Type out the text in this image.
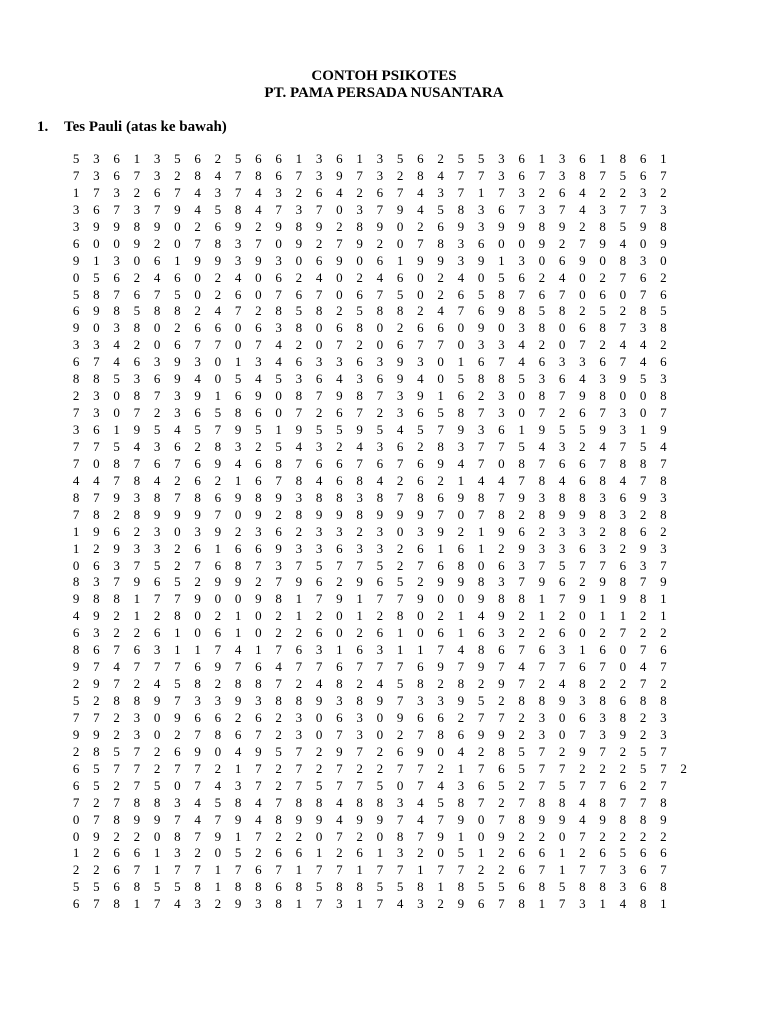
CONTOH PSIKOTES
PT. PAMA PERSADA NUSANTARA
1. Tes Pauli (atas ke bawah)
5	3	6	1	3	5	6	2	5	6	6	1	3	6	1	3	5	6	2	5	5	3	6	1	3	6	1	8	6	1
7	3	6	7	3	2	8	4	7	8	6	7	3	9	7	3	2	8	4	7	7	3	6	7	3	8	7	5	6	7
1	7	3	2	6	7	4	3	7	4	3	2	6	4	2	6	7	4	3	7	1	7	3	2	6	4	2	2	3	2
3	6	7	3	7	9	4	5	8	4	7	3	7	0	3	7	9	4	5	8	3	6	7	3	7	4	3	7	7	3
3	9	9	8	9	0	2	6	9	2	9	8	9	2	8	9	0	2	6	9	3	9	9	8	9	2	8	5	9	8
6	0	0	9	2	0	7	8	3	7	0	9	2	7	9	2	0	7	8	3	6	0	0	9	2	7	9	4	0	9
9	1	3	0	6	1	9	9	3	9	3	0	6	9	0	6	1	9	9	3	9	1	3	0	6	9	0	8	3	0
0	5	6	2	4	6	0	2	4	0	6	2	4	0	2	4	6	0	2	4	0	5	6	2	4	0	2	7	6	2
5	8	7	6	7	5	0	2	6	0	7	6	7	0	6	7	5	0	2	6	5	8	7	6	7	0	6	0	7	6
6	9	8	5	8	8	2	4	7	2	8	5	8	2	5	8	8	2	4	7	6	9	8	5	8	2	5	2	8	5
9	0	3	8	0	2	6	6	0	6	3	8	0	6	8	0	2	6	6	0	9	0	3	8	0	6	8	7	3	8
3	3	4	2	0	6	7	7	0	7	4	2	0	7	2	0	6	7	7	0	3	3	4	2	0	7	2	4	4	2
6	7	4	6	3	9	3	0	1	3	4	6	3	3	6	3	9	3	0	1	6	7	4	6	3	3	6	7	4	6
8	8	5	3	6	9	4	0	5	4	5	3	6	4	3	6	9	4	0	5	8	8	5	3	6	4	3	9	5	3
2	3	0	8	7	3	9	1	6	9	0	8	7	9	8	7	3	9	1	6	2	3	0	8	7	9	8	0	0	8
7	3	0	7	2	3	6	5	8	6	0	7	2	6	7	2	3	6	5	8	7	3	0	7	2	6	7	3	0	7
3	6	1	9	5	4	5	7	9	5	1	9	5	5	9	5	4	5	7	9	3	6	1	9	5	5	9	3	1	9
7	7	5	4	3	6	2	8	3	2	5	4	3	2	4	3	6	2	8	3	7	7	5	4	3	2	4	7	5	4
7	0	8	7	6	7	6	9	4	6	8	7	6	6	7	6	7	6	9	4	7	0	8	7	6	6	7	8	8	7
4	4	7	8	4	2	6	2	1	6	7	8	4	6	8	4	2	6	2	1	4	4	7	8	4	6	8	4	7	8
8	7	9	3	8	7	8	6	9	8	9	3	8	8	3	8	7	8	6	9	8	7	9	3	8	8	3	6	9	3
7	8	2	8	9	9	9	7	0	9	2	8	9	9	8	9	9	9	7	0	7	8	2	8	9	9	8	3	2	8
1	9	6	2	3	0	3	9	2	3	6	2	3	3	2	3	0	3	9	2	1	9	6	2	3	3	2	8	6	2
1	2	9	3	3	2	6	1	6	6	9	3	3	6	3	3	2	6	1	6	1	2	9	3	3	6	3	2	9	3
0	6	3	7	5	2	7	6	8	7	3	7	5	7	7	5	2	7	6	8	0	6	3	7	5	7	7	6	3	7
8	3	7	9	6	5	2	9	9	2	7	9	6	2	9	6	5	2	9	9	8	3	7	9	6	2	9	8	7	9
9	8	8	1	7	7	9	0	0	9	8	1	7	9	1	7	7	9	0	0	9	8	8	1	7	9	1	9	8	1
4	9	2	1	2	8	0	2	1	0	2	1	2	0	1	2	8	0	2	1	4	9	2	1	2	0	1	1	2	1
6	3	2	2	6	1	0	6	1	0	2	2	6	0	2	6	1	0	6	1	6	3	2	2	6	0	2	7	2	2
8	6	7	6	3	1	1	7	4	1	7	6	3	1	6	3	1	1	7	4	8	6	7	6	3	1	6	0	7	6
9	7	4	7	7	7	6	9	7	6	4	7	7	6	7	7	7	6	9	7	9	7	4	7	7	6	7	0	4	7
2	9	7	2	4	5	8	2	8	8	7	2	4	8	2	4	5	8	2	8	2	9	7	2	4	8	2	2	7	2
5	2	8	8	9	7	3	3	9	3	8	8	9	3	8	9	7	3	3	9	5	2	8	8	9	3	8	6	8	8
7	7	2	3	0	9	6	6	2	6	2	3	0	6	3	0	9	6	6	2	7	7	2	3	0	6	3	8	2	3
9	9	2	3	0	2	7	8	6	7	2	3	0	7	3	0	2	7	8	6	9	9	2	3	0	7	3	9	2	3
2	8	5	7	2	6	9	0	4	9	5	7	2	9	7	2	6	9	0	4	2	8	5	7	2	9	7	2	5	7
6	5	7	7	2	7	7	2	1	7	2	7	2	7	2	2	7	7	2	1	7	6	5	7	7	2	2	2	5	7	2
6	5	2	7	5	0	7	4	3	7	2	7	5	7	7	5	0	7	4	3	6	5	2	7	5	7	7	6	2	7
7	2	7	8	8	3	4	5	8	4	7	8	8	4	8	8	3	4	5	8	7	2	7	8	8	4	8	7	7	8
0	7	8	9	9	7	4	7	9	4	8	9	9	4	9	9	7	4	7	9	0	7	8	9	9	4	9	8	8	9
0	9	2	2	0	8	7	9	1	7	2	2	0	7	2	0	8	7	9	1	0	9	2	2	0	7	2	2	2	2
1	2	6	6	1	3	2	0	5	2	6	6	1	2	6	1	3	2	0	5	1	2	6	6	1	2	6	5	6	6
2	2	6	7	1	7	7	1	7	6	7	1	7	7	1	7	7	1	7	7	2	2	6	7	1	7	7	3	6	7
5	5	6	8	5	5	8	1	8	8	6	8	5	8	8	5	5	8	1	8	5	5	6	8	5	8	8	3	6	8
6	7	8	1	7	4	3	2	9	3	8	1	7	3	1	7	4	3	2	9	6	7	8	1	7	3	1	4	8	1
